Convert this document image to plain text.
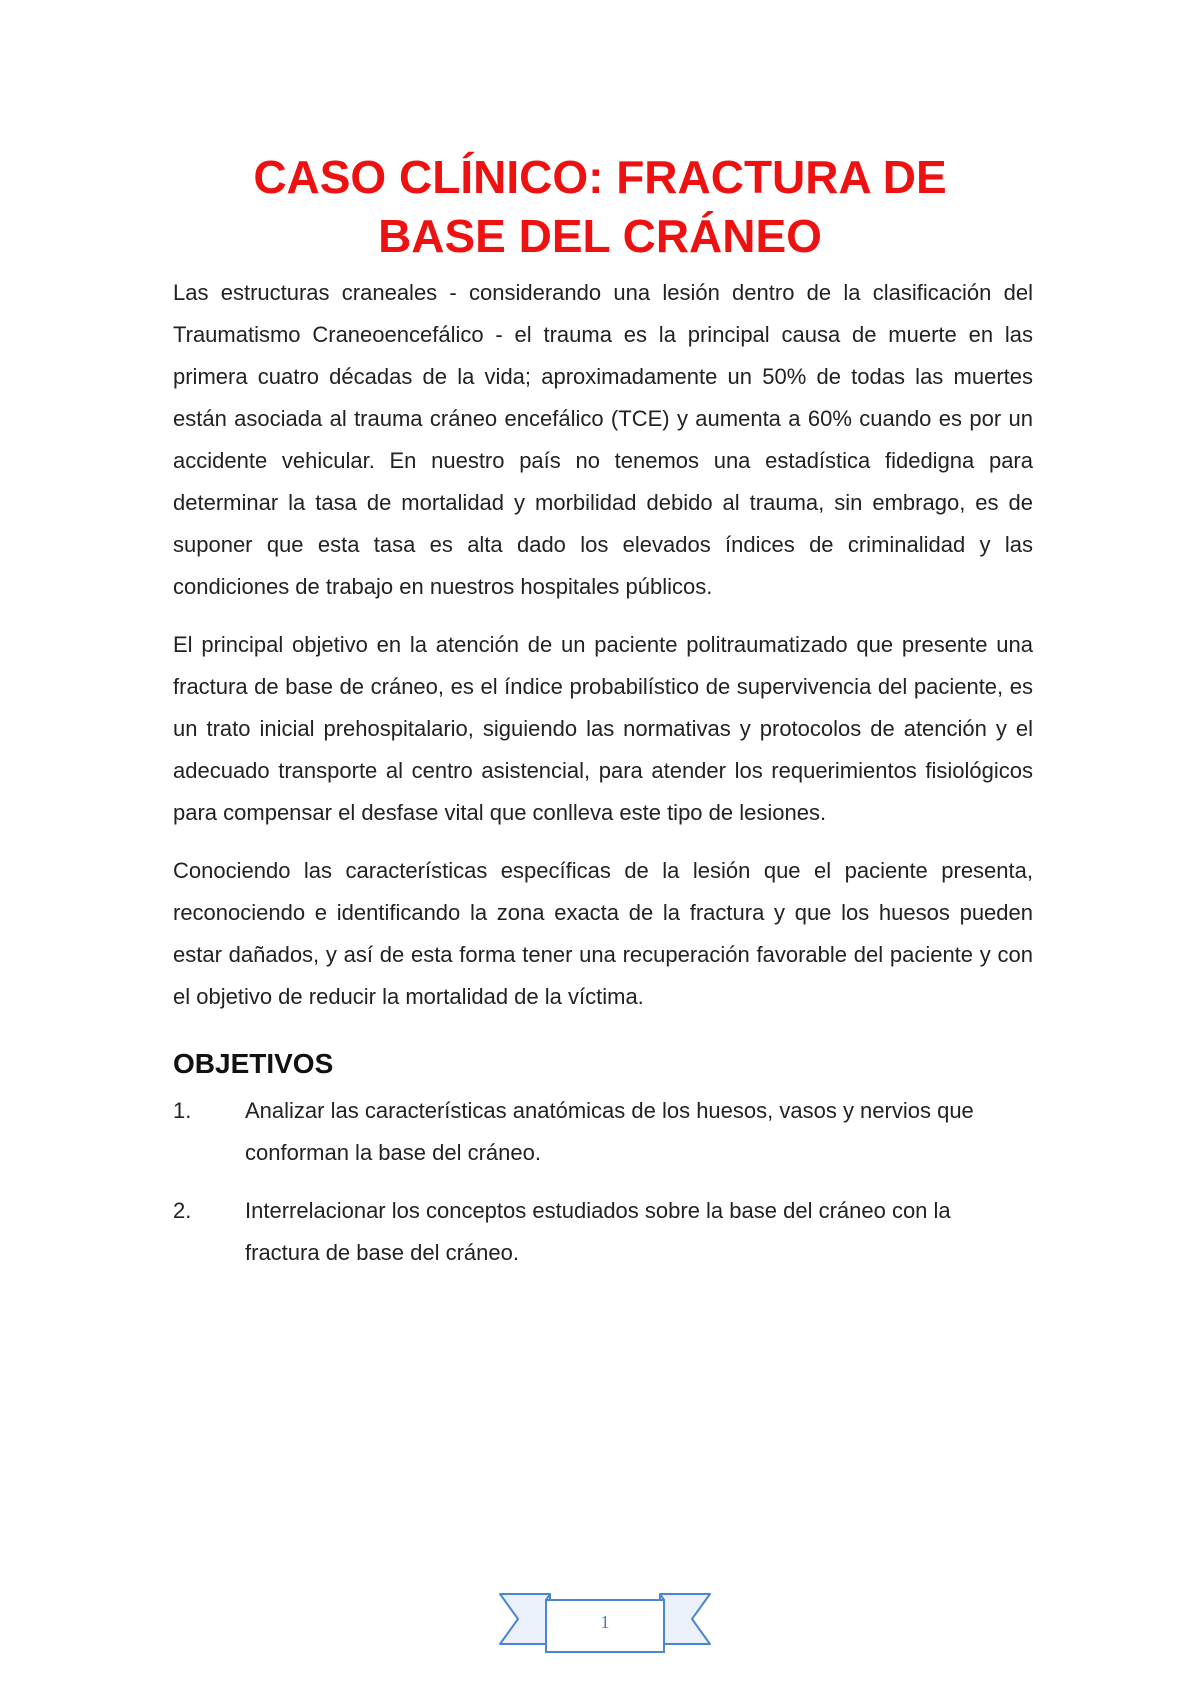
CASO CLÍNICO: FRACTURA DE
BASE DEL CRÁNEO

Las estructuras craneales - considerando una lesión dentro de la clasificación del Traumatismo Craneoencefálico - el trauma es la principal causa de muerte en las primera cuatro décadas de la vida; aproximadamente un 50% de todas las muertes están asociada al trauma cráneo encefálico (TCE) y aumenta a 60% cuando es por un accidente vehicular. En nuestro país no tenemos una estadística fidedigna para determinar la tasa de mortalidad y morbilidad debido al trauma, sin embrago, es de suponer que esta tasa es alta dado los elevados índices de criminalidad y las condiciones de trabajo en nuestros hospitales públicos.

El principal objetivo en la atención de un paciente politraumatizado que presente una fractura de base de cráneo, es el índice probabilístico de supervivencia del paciente, es un trato inicial prehospitalario, siguiendo las normativas y protocolos de atención y el adecuado transporte al centro asistencial, para atender los requerimientos fisiológicos para compensar el desfase vital que conlleva este tipo de lesiones.

Conociendo las características específicas de la lesión que el paciente presenta, reconociendo e identificando la zona exacta de la fractura y que los huesos pueden estar dañados, y así de esta forma tener una recuperación favorable del paciente y con el objetivo de reducir la mortalidad de la víctima.

OBJETIVOS
1.	Analizar las características anatómicas de los huesos, vasos y nervios que conforman la base del cráneo.
2.	Interrelacionar los conceptos estudiados sobre la base del cráneo con la fractura de base del cráneo.
1
